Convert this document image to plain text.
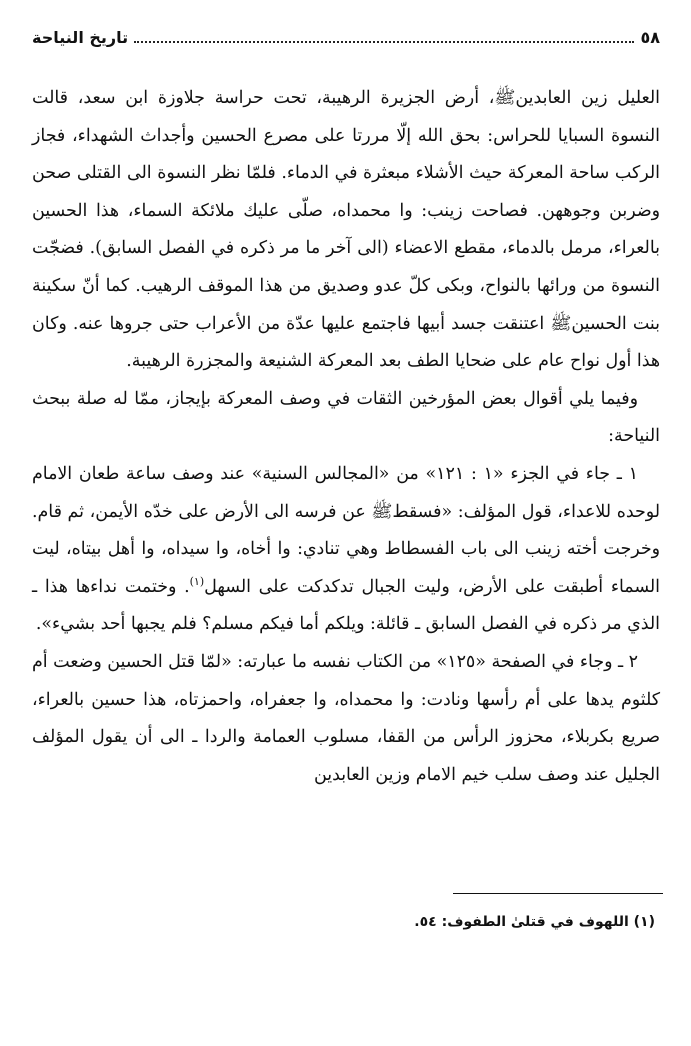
٥٨
تاريخ النياحة

العليل زين العابدينﷺ، أرض الجزيرة الرهيبة، تحت حراسة جلاوزة ابن سعد، قالت النسوة السبايا للحراس: بحق الله إلّا مررتا على مصرع الحسين وأجداث الشهداء، فجاز الركب ساحة المعركة حيث الأشلاء مبعثرة في الدماء. فلمّا نظر النسوة الى القتلى صحن وضربن وجوههن. فصاحت زينب: وا محمداه، صلّى عليك ملائكة السماء، هذا الحسين بالعراء، مرمل بالدماء، مقطع الاعضاء (الى آخر ما مر ذكره في الفصل السابق). فضجّت النسوة من ورائها بالنواح، وبكى كلّ عدو وصديق من هذا الموقف الرهيب. كما أنّ سكينة بنت الحسينﷺ اعتنقت جسد أبيها فاجتمع عليها عدّة من الأعراب حتى جروها عنه. وكان هذا أول نواح عام على ضحايا الطف بعد المعركة الشنيعة والمجزرة الرهيبة.

وفيما يلي أقوال بعض المؤرخين الثقات في وصف المعركة بإيجاز، ممّا له صلة ببحث النياحة:

١ ـ جاء في الجزء «١ : ١٢١» من «المجالس السنية» عند وصف ساعة طعان الامام لوحده للاعداء، قول المؤلف: «فسقطﷺ عن فرسه الى الأرض على خدّه الأيمن، ثم قام. وخرجت أخته زينب الى باب الفسطاط وهي تنادي: وا أخاه، وا سيداه، وا أهل بيتاه، ليت السماء أطبقت على الأرض، وليت الجبال تدكدكت على السهل$^{(١)}$. وختمت نداءها هذا ـ الذي مر ذكره في الفصل السابق ـ قائلة: ويلكم أما فيكم مسلم؟ فلم يجبها أحد بشيء».

٢ ـ وجاء في الصفحة «١٢٥» من الكتاب نفسه ما عبارته: «لمّا قتل الحسين وضعت أم كلثوم يدها على أم رأسها ونادت: وا محمداه، وا جعفراه، واحمزتاه، هذا حسين بالعراء، صريع بكربلاء، محزوز الرأس من القفا، مسلوب العمامة والردا ـ الى أن يقول المؤلف الجليل عند وصف سلب خيم الامام وزين العابدين

(١) اللهوف في قتلىٰ الطفوف: ٥٤.
